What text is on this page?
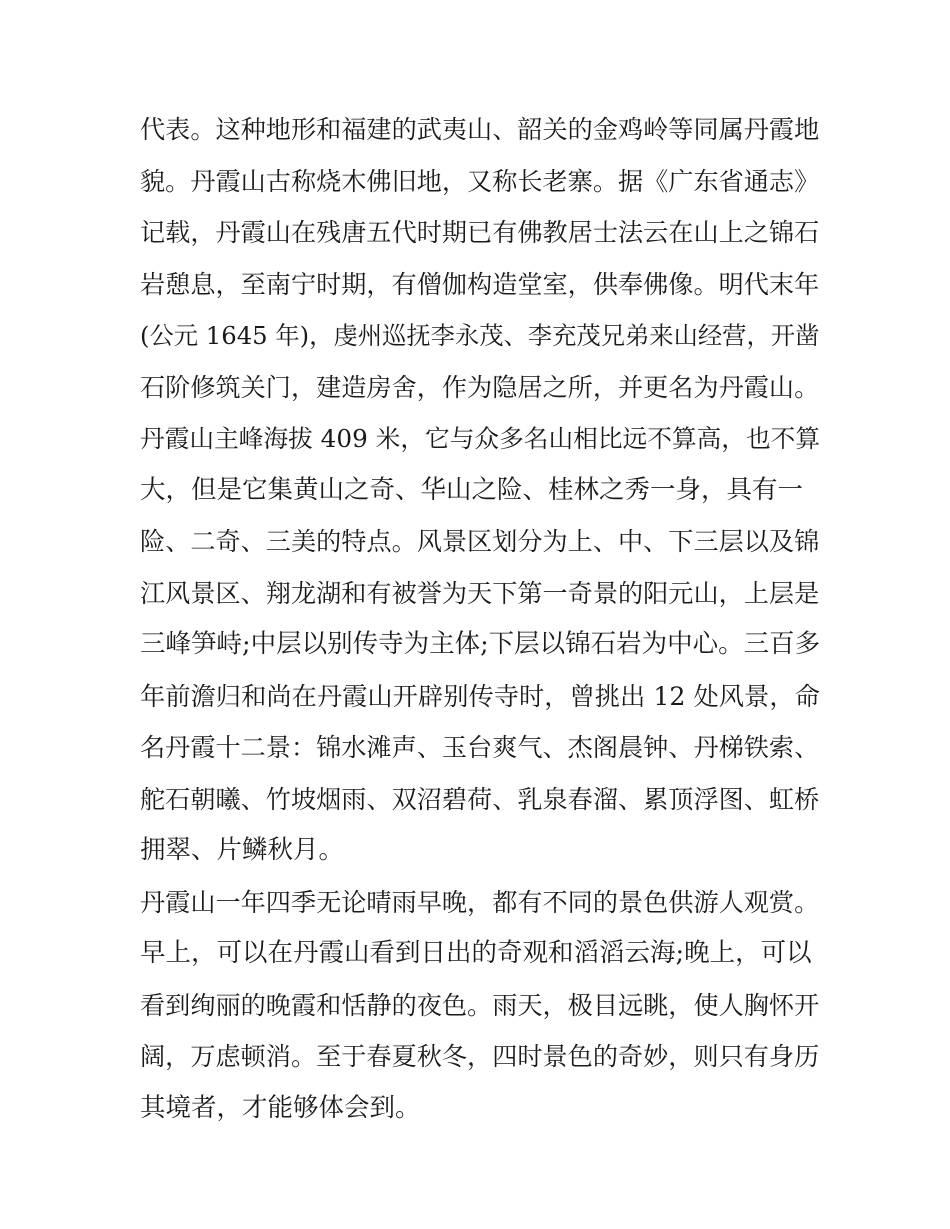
代表。这种地形和福建的武夷山、韶关的金鸡岭等同属丹霞地
貌。丹霞山古称烧木佛旧地，又称长老寨。据《广东省通志》
记载，丹霞山在残唐五代时期已有佛教居士法云在山上之锦石
岩憩息，至南宁时期，有僧伽构造堂室，供奉佛像。明代末年
(公元 1645 年)，虔州巡抚李永茂、李充茂兄弟来山经营，开凿
石阶修筑关门，建造房舍，作为隐居之所，并更名为丹霞山。
丹霞山主峰海拔 409 米，它与众多名山相比远不算高，也不算
大，但是它集黄山之奇、华山之险、桂林之秀一身，具有一
险、二奇、三美的特点。风景区划分为上、中、下三层以及锦
江风景区、翔龙湖和有被誉为天下第一奇景的阳元山，上层是
三峰笋峙;中层以别传寺为主体;下层以锦石岩为中心。三百多
年前澹归和尚在丹霞山开辟别传寺时，曾挑出 12 处风景，命
名丹霞十二景：锦水滩声、玉台爽气、杰阁晨钟、丹梯铁索、
舵石朝曦、竹坡烟雨、双沼碧荷、乳泉春溜、累顶浮图、虹桥
拥翠、片鳞秋月。
丹霞山一年四季无论晴雨早晚，都有不同的景色供游人观赏。
早上，可以在丹霞山看到日出的奇观和滔滔云海;晚上，可以
看到绚丽的晚霞和恬静的夜色。雨天，极目远眺，使人胸怀开
阔，万虑顿消。至于春夏秋冬，四时景色的奇妙，则只有身历
其境者，才能够体会到。
